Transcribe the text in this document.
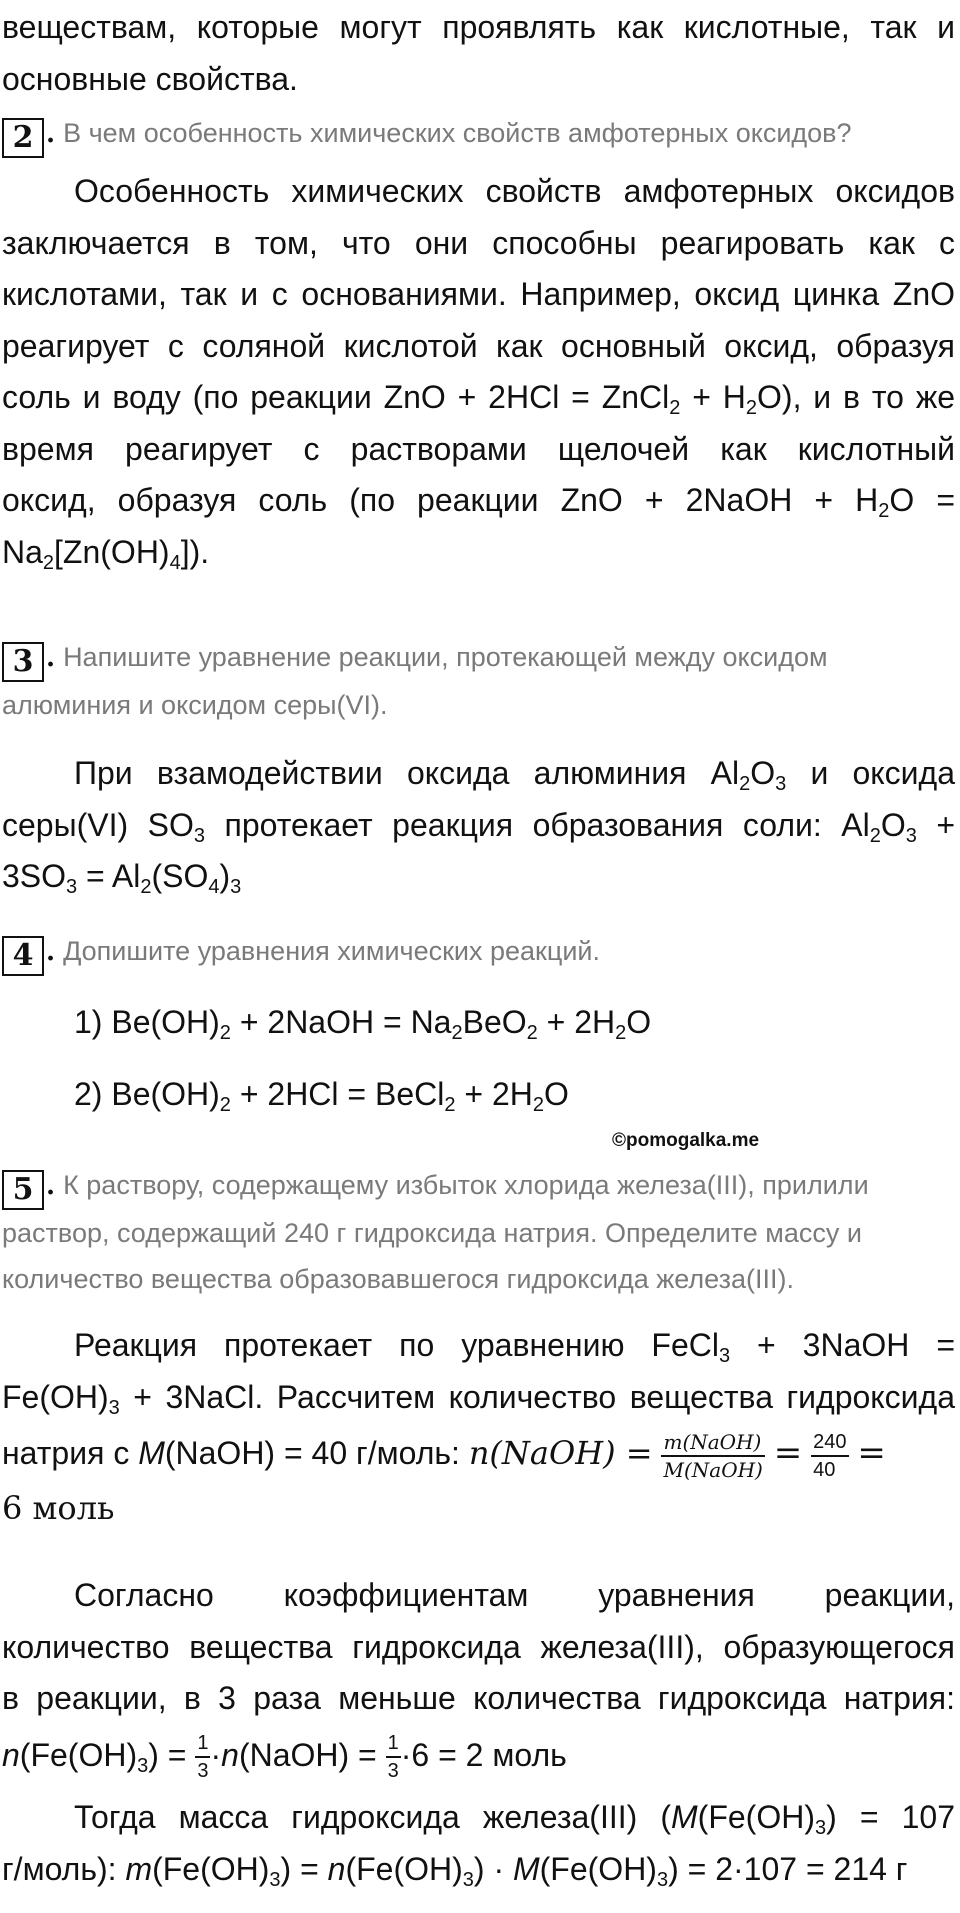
веществам, которые могут проявлять как кислотные, так и
основные свойства.
2 . В чем особенность химических свойств амфотерных оксидов?
Особенность химических свойств амфотерных оксидов
заключается в том, что они способны реагировать как с
кислотами, так и с основаниями. Например, оксид цинка ZnO
реагирует с соляной кислотой как основный оксид, образуя
соль и воду (по реакции ZnO + 2HCl = ZnCl$_2$ + $H_2O$), и в то же
время реагирует с растворами щелочей как кислотный
оксид, образуя соль (по реакции ZnO + 2NaOH + $H_2O$ =
$Na_2[Zn(OH)_4]$).
3 . Напишите уравнение реакции, протекающей между оксидом
алюминия и оксидом серы(VI).
При взамодействии оксида алюминия $Al_2O_3$ и оксида
серы(VI) $SO_3$ протекает реакция образования соли: $Al_2O_3$ +
$3SO_3 = Al_2(SO_4)_3$
4 . Допишите уравнения химических реакций.
1) $Be(OH)_2$ + 2NaOH = $Na_2BeO_2 + 2H_2O$
2) $Be(OH)_2 + 2HCl$ = BeCl$_2$ + $2H_2O$
©pomogalka.me
5 . К раствору, содержащему избыток хлорида железа(III), прилили
раствор, содержащий 240 г гидроксида натрия. Определите массу и
количество вещества образовавшегося гидроксида железа(III).
Реакция протекает по уравнению FeCl$_3$ + 3NaOH =
$Fe(OH)_3$ + 3NaCl. Рассчитем количество вещества гидроксида
натрия с M(NaOH) = 40 г/моль: n(NaOH) = $\frac{\text{m(NaOH)}}{\text{M(NaOH)}} = \frac{240}{40}$ =
6 моль
Согласно коэффициентам уравнения реакции,
количество вещества гидроксида железа(III), образующегося
в реакции, в 3 раза меньше количества гидроксида натрия:
$n(Fe(OH)_3) = \frac{1}{3}$ ·n(NaOH) = $\frac{1}{3} \cdot 6 = 2$ моль
Тогда масса гидроксида железа(III) ($M(Fe(OH)_3) = 107$
г/моль): $m(Fe(OH)_3) = n(Fe(OH)_3) \cdot M(Fe(OH)_3) = 2\cdot 107 = 214$ г
